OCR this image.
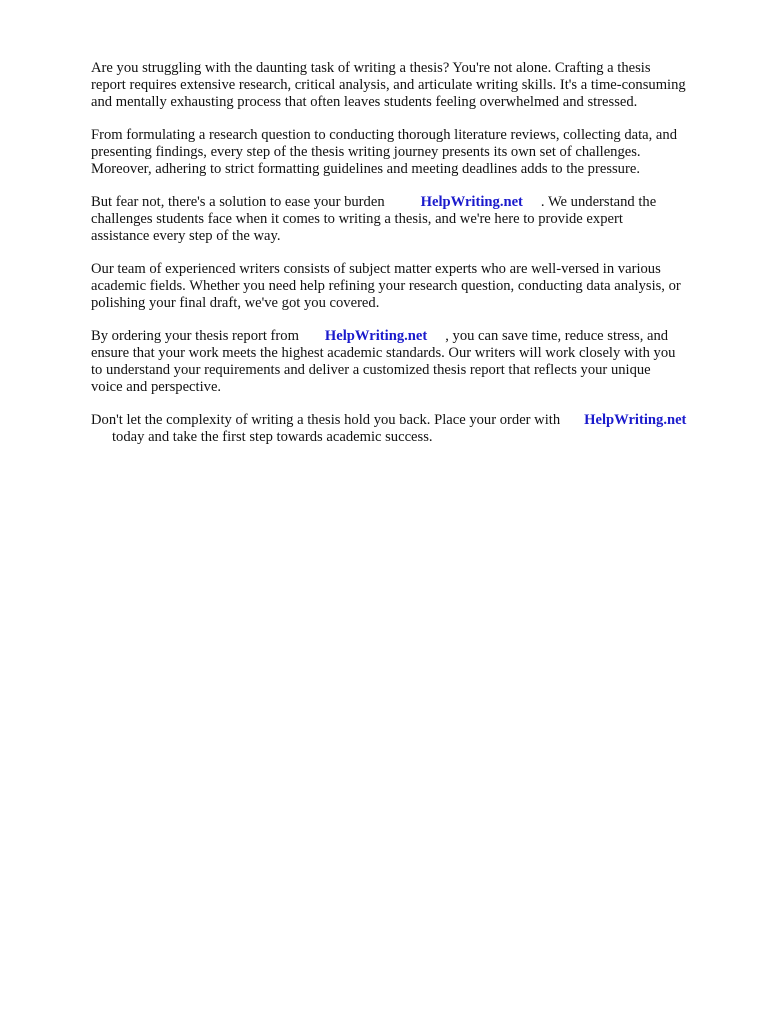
Are you struggling with the daunting task of writing a thesis? You're not alone. Crafting a thesis
report requires extensive research, critical analysis, and articulate writing skills. It's a time-consuming
and mentally exhausting process that often leaves students feeling overwhelmed and stressed.

From formulating a research question to conducting thorough literature reviews, collecting data, and
presenting findings, every step of the thesis writing journey presents its own set of challenges.
Moreover, adhering to strict formatting guidelines and meeting deadlines adds to the pressure.

But fear not, there's a solution to ease your burden HelpWriting.net . We understand the
challenges students face when it comes to writing a thesis, and we're here to provide expert
assistance every step of the way.

Our team of experienced writers consists of subject matter experts who are well-versed in various
academic fields. Whether you need help refining your research question, conducting data analysis, or
polishing your final draft, we've got you covered.

By ordering your thesis report from HelpWriting.net , you can save time, reduce stress, and
ensure that your work meets the highest academic standards. Our writers will work closely with you
to understand your requirements and deliver a customized thesis report that reflects your unique
voice and perspective.

Don't let the complexity of writing a thesis hold you back. Place your order with HelpWriting.net
today and take the first step towards academic success.
